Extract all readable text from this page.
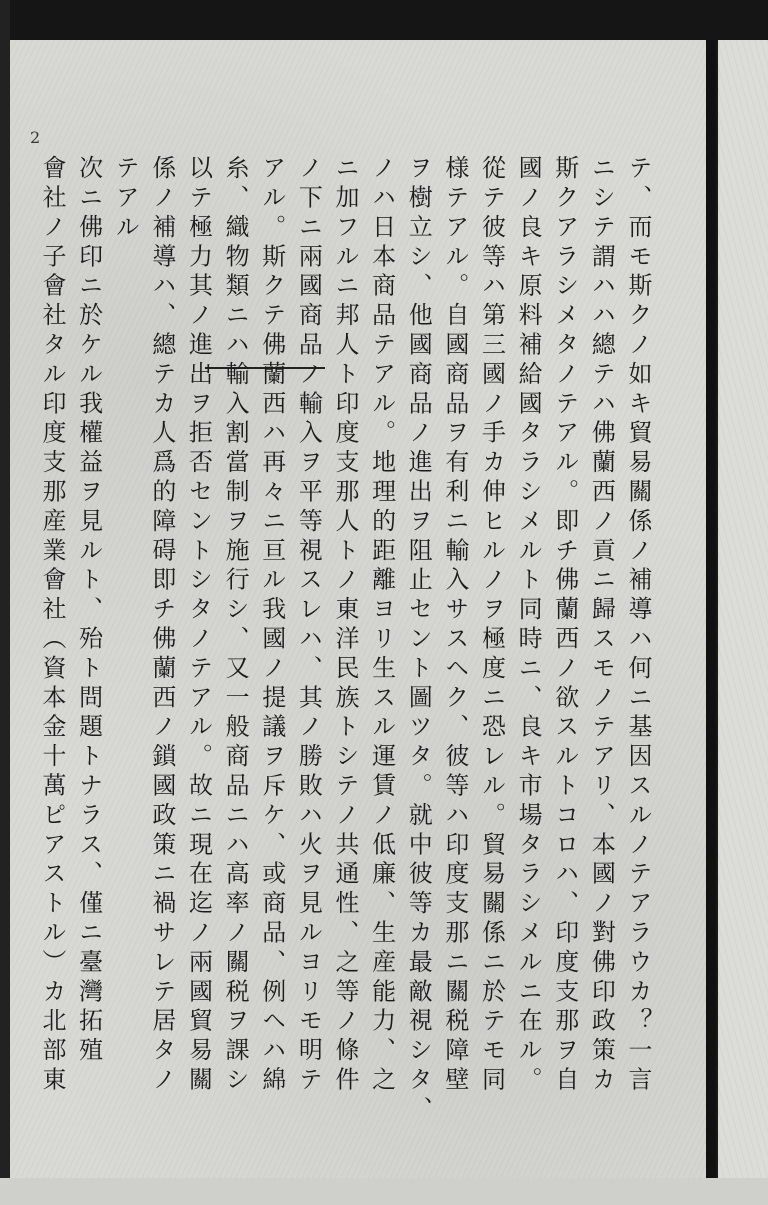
2
テ、而モ斯クノ如キ貿易關係ノ補導ハ何ニ基因スルノテアラウカ？一言
ニシテ謂ハハ總テハ佛蘭西ノ貢ニ歸スモノテアリ、本國ノ對佛印政策カ
斯クアラシメタノテアル。即チ佛蘭西ノ欲スルトコロハ、印度支那ヲ自
國ノ良キ原料補給國タラシメルト同時ニ、良キ市場タラシメルニ在ル。
從テ彼等ハ第三國ノ手カ伸ヒルノヲ極度ニ恐レル。貿易關係ニ於テモ同
様テアル。自國商品ヲ有利ニ輸入サスヘク、彼等ハ印度支那ニ關税障壁
ヲ樹立シ、他國商品ノ進出ヲ阻止セント圖ツタ。就中彼等カ最敵視シタ、
ノハ日本商品テアル。地理的距離ヨリ生スル運賃ノ低廉、生産能力、之
ニ加フルニ邦人ト印度支那人トノ東洋民族トシテノ共通性、之等ノ條件
ノ下ニ兩國商品ノ輸入ヲ平等視スレハ、其ノ勝敗ハ火ヲ見ルヨリモ明テ
アル。斯クテ佛蘭西ハ再々ニ亘ル我國ノ提議ヲ斥ケ、或商品、例ヘハ綿
糸、織物類ニハ輸入割當制ヲ施行シ、又一般商品ニハ高率ノ關税ヲ課シ
以テ極力其ノ進出ヲ拒否セントシタノテアル。故ニ現在迄ノ兩國貿易關
係ノ補導ハ、總テカ人爲的障碍即チ佛蘭西ノ鎖國政策ニ禍サレテ居タノ
テアル
次ニ佛印ニ於ケル我權益ヲ見ルト、殆ト問題トナラス、僅ニ臺灣拓殖
會社ノ子會社タル印度支那産業會社（資本金十萬ピアストル）カ北部東
